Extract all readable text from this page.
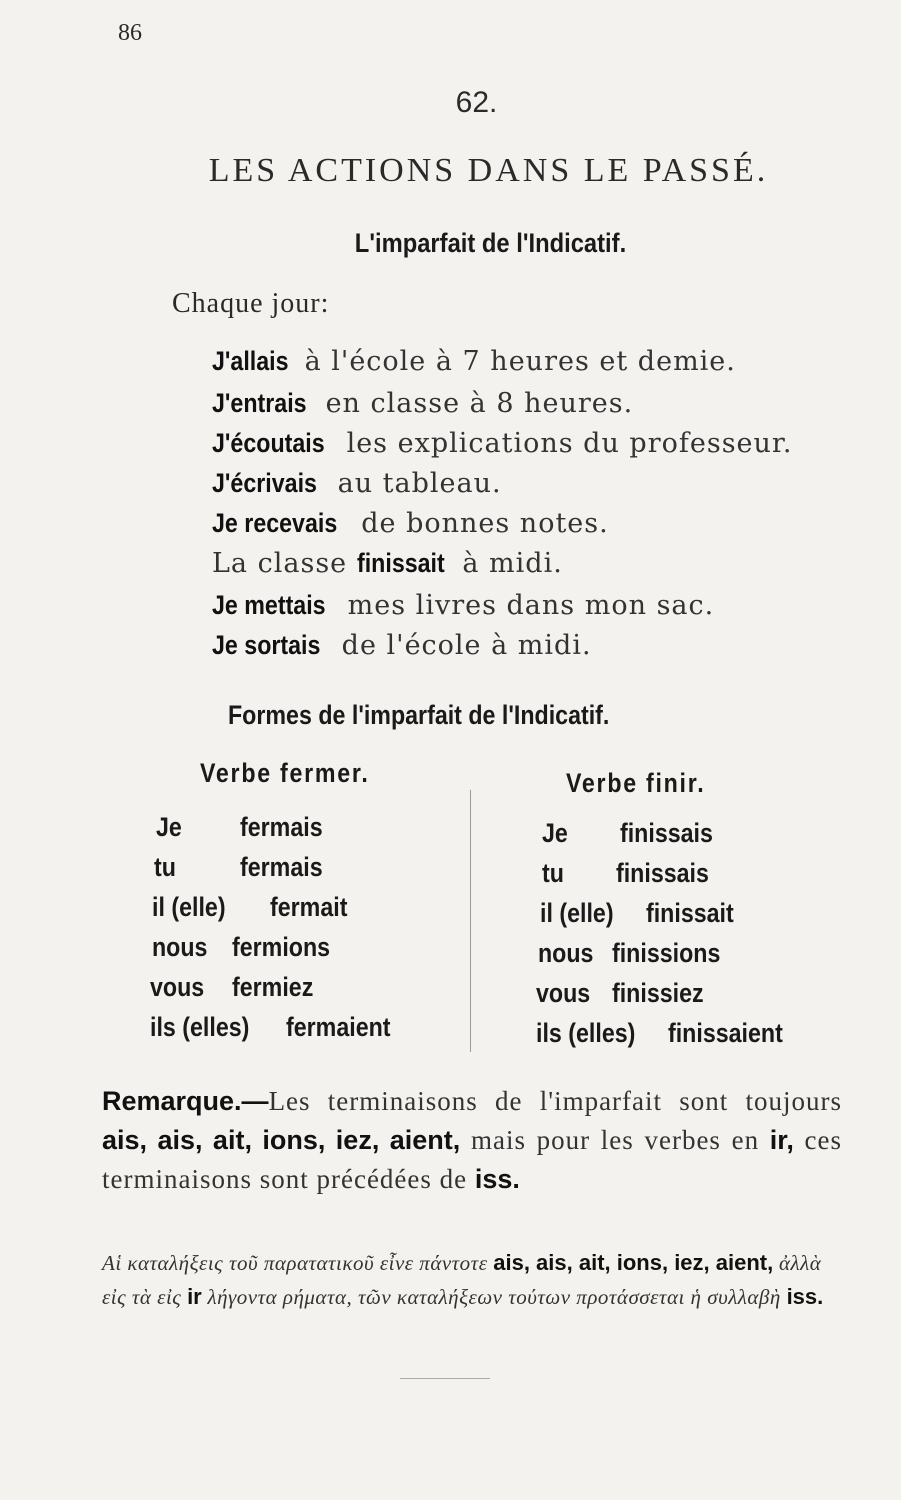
86
62.
LES ACTIONS DANS LE PASSÉ.
L'imparfait de l'Indicatif.
Chaque jour:
J'allais à l'école à 7 heures et demie.
J'entrais en classe à 8 heures.
J'écoutais les explications du professeur.
J'écrivais au tableau.
Je recevais de bonnes notes.
La classe finissait à midi.
Je mettais mes livres dans mon sac.
Je sortais de l'école à midi.
Formes de l'imparfait de l'Indicatif.
Verbe fermer.	Verbe finir.
Je fermais
tu fermais
il (elle) fermait
nous fermions
vous fermiez
ils (elles) fermaient
Je finissais
tu finissais
il (elle) finissait
nous finissions
vous finissiez
ils (elles) finissaient
Remarque.—Les terminaisons de l'imparfait sont toujours ais, ais, ait, ions, iez, aient, mais pour les verbes en ir, ces terminaisons sont précédées de iss.
Αἱ καταλήξεις τοῦ παρατατικοῦ εἶνε πάντοτε ais, ais, ait, ions, iez, aient, ἀλλὰ εἰς τὰ εἰς ir λήγοντα ρήματα, τῶν καταλήξεων τούτων προτάσσεται ἡ συλλαβὴ iss.
